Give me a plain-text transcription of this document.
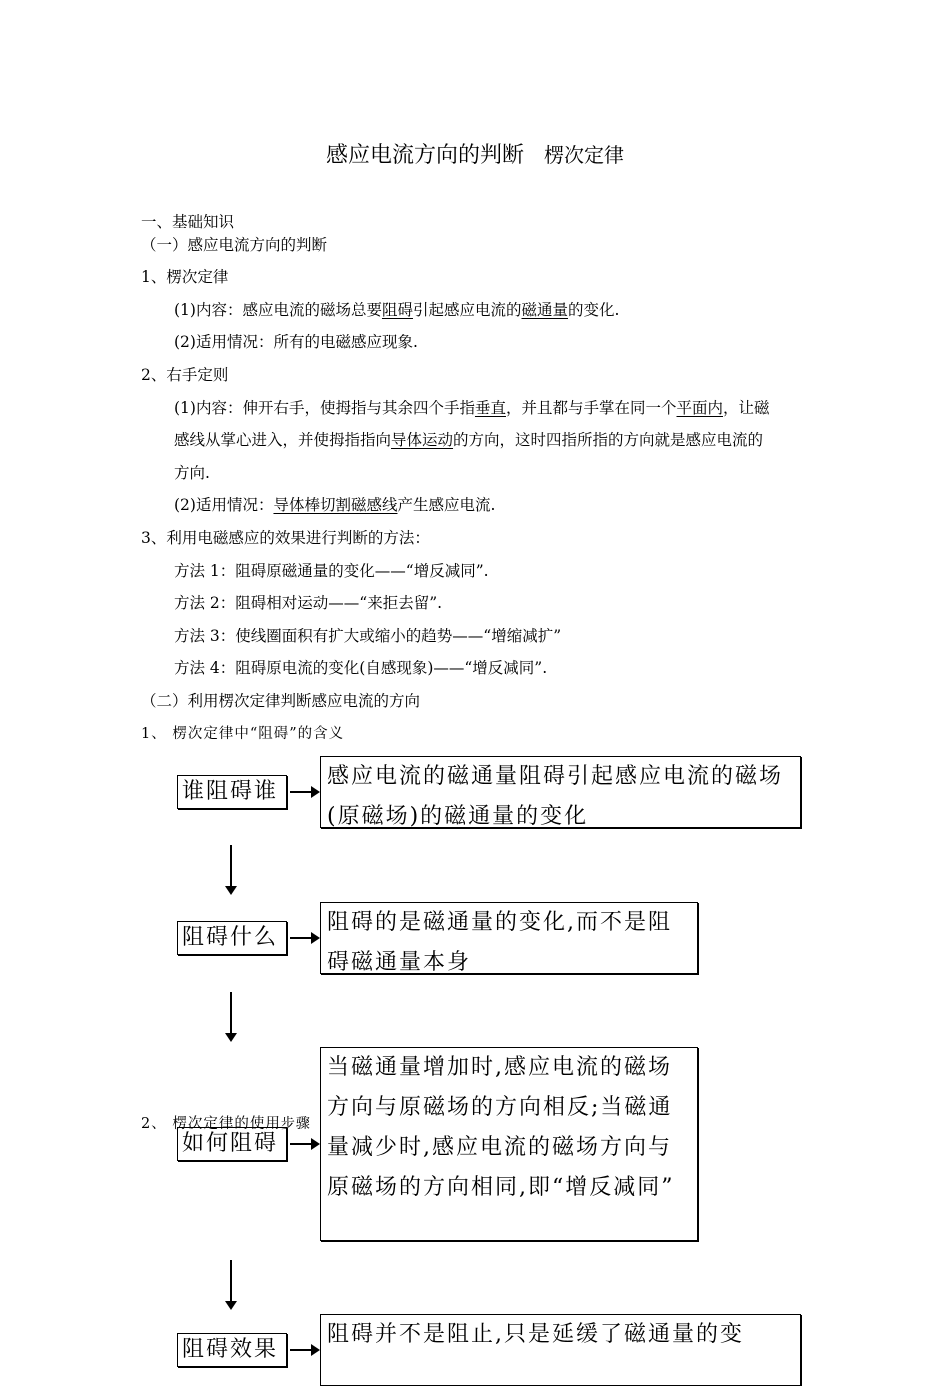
感应电流方向的判断 楞次定律
一、基础知识
（一）感应电流方向的判断
1、楞次定律
(1)内容：感应电流的磁场总要阻碍引起感应电流的磁通量的变化.
(2)适用情况：所有的电磁感应现象.
2、右手定则
(1)内容：伸开右手，使拇指与其余四个手指垂直，并且都与手掌在同一个平面内，让磁
感线从掌心进入，并使拇指指向导体运动的方向，这时四指所指的方向就是感应电流的
方向.
(2)适用情况：导体棒切割磁感线产生感应电流.
3、利用电磁感应的效果进行判断的方法：
方法 1：阻碍原磁通量的变化——“增反减同”.
方法 2：阻碍相对运动——“来拒去留”.
方法 3：使线圈面积有扩大或缩小的趋势——“增缩减扩”
方法 4：阻碍原电流的变化(自感现象)——“增反减同”.
（二）利用楞次定律判断感应电流的方向
1、 楞次定律中“阻碍”的含义
谁阻碍谁
感应电流的磁通量阻碍引起感应电流的磁场(原磁场)的磁通量的变化
阻碍什么
阻碍的是磁通量的变化,而不是阻碍磁通量本身
当磁通量增加时,感应电流的磁场方向与原磁场的方向相反;当磁通量减少时,感应电流的磁场方向与原磁场的方向相同,即“增反减同”
2、 楞次定律的使用步骤
如何阻碍
阻碍效果
阻碍并不是阻止,只是延缓了磁通量的变
